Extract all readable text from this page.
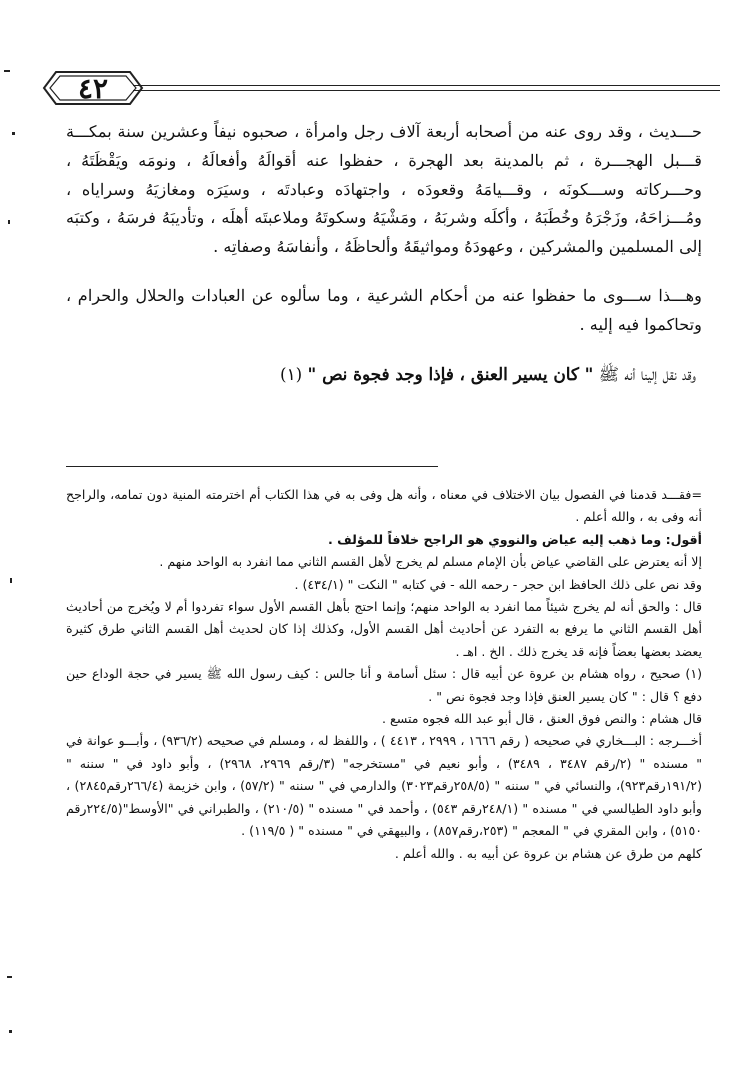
٤٢

حـــديث ، وقد روى عنه من أصحابه أربعة آلاف رجل وامرأة ، صحبوه نيفاً وعشرين سنة بمكـــة قـــبل الهجـــرة ، ثم بالمدينة بعد الهجرة ، حفظوا عنه أقوالَهُ وأفعالَهُ ، ونومَه ويَقْظَتَهُ ، وحـــركاته وســـكونَه ، وقـــيامَهُ وقعودَه ، واجتهادَه وعبادتَه ، وسيَرَه ومغازيَهُ وسراياه ، ومُـــزاحَهُ، وزَجْرَهُ وخُطَبَهُ ، وأكلَه وشربَهُ ، ومَشْيَهُ وسكوتَهُ وملاعبتَه أهلَه ، وتأديبَهُ فرسَهُ ، وكتبَه إلى المسلمين والمشركين ، وعهودَهُ ومواثيقَهُ وألحاظَهُ ، وأنفاسَهُ وصفاتِه .

وهـــذا ســـوى ما حفظوا عنه من أحكام الشرعية ، وما سألوه عن العبادات والحلال والحرام ، وتحاكموا فيه إليه .

وقد نقل إلينا أنه ﷺ " كان يسير العنق ، فإذا وجد فجوة نص " (١)

=فقـــد قدمنا في الفصول بيان الاختلاف في معناه ، وأنه هل وفى به في هذا الكتاب أم اخترمته المنية دون تمامه، والراجح أنه وفى به ، والله أعلم .

أقول: وما ذهب إليه عياض والنووي هو الراجح خلافاً للمؤلف .

إلا أنه يعترض على القاضي عياض بأن الإمام مسلم لم يخرج لأهل القسم الثاني مما انفرد به الواحد منهم .

وقد نص على ذلك الحافظ ابن حجر - رحمه الله - في كتابه " النكت " (٤٣٤/١) .

قال : والحق أنه لم يخرج شيئاً مما انفرد به الواحد منهم؛ وإنما احتج بأهل القسم الأول سواء تفردوا أم لا ويُخرج من أحاديث أهل القسم الثاني ما يرفع به التفرد عن أحاديث أهل القسم الأول، وكذلك إذا كان لحديث أهل القسم الثاني طرق كثيرة يعضد بعضها بعضاً فإنه قد يخرج ذلك . الخ . اهـ .

(١) صحيح ، رواه هشام بن عروة عن أبيه قال : سئل أسامة و أنا جالس : كيف رسول الله ﷺ يسير في حجة الوداع حين دفع ؟ قال : " كان يسير العنق فإذا وجد فجوة نص " .

قال هشام : والنص فوق العنق ، قال أبو عبد الله فجوه متسع .

أخـــرجه : البـــخاري في صحيحه ( رقم ١٦٦٦ ، ٢٩٩٩ ، ٤٤١٣ ) ، واللفظ له ، ومسلم في صحيحه (٩٣٦/٢) ، وأبـــو عوانة في " مسنده " (٢/رقم ٣٤٨٧ ، ٣٤٨٩) ، وأبو نعيم في "مستخرجه" (٣/رقم ٢٩٦٩، ٢٩٦٨) ، وأبو داود في " سننه " (١٩١/٢رقم٩٢٣)، والنسائي في " سننه " (٢٥٨/٥رقم٣٠٢٣) والدارمي في " سننه " (٥٧/٢) ، وابن خزيمة (٢٦٦/٤رقم٢٨٤٥) ، وأبو داود الطيالسي في " مسنده " (٢٤٨/١رقم ٥٤٣) ، وأحمد في " مسنده " (٢١٠/٥) ، والطبراني في "الأوسط"(٢٢٤/٥رقم ٥١٥٠) ، وابن المقري في " المعجم " (٢٥٣،رقم٨٥٧) ، والبيهقي في " مسنده " ( ١١٩/٥) .

كلهم من طرق عن هشام بن عروة عن أبيه به . والله أعلم .
